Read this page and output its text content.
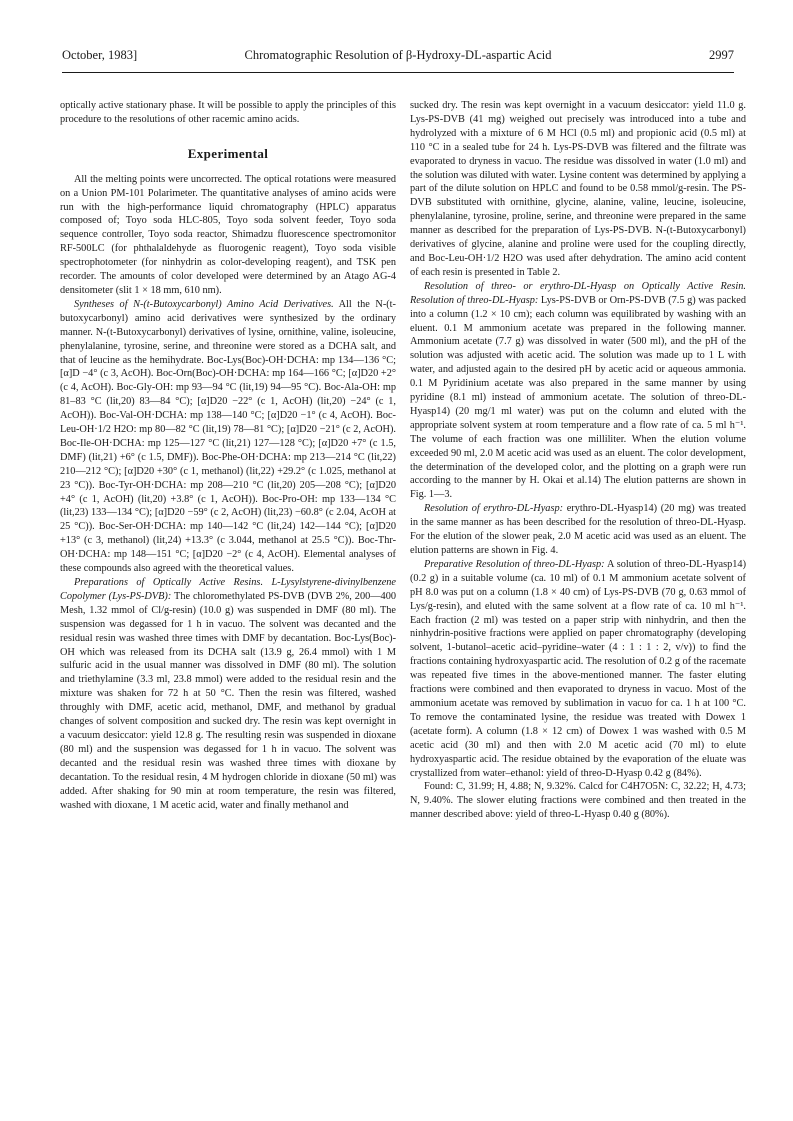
October, 1983]	Chromatographic Resolution of β-Hydroxy-DL-aspartic Acid	2997

optically active stationary phase. It will be possible to apply the principles of this procedure to the resolutions of other racemic amino acids.

Experimental

All the melting points were uncorrected. The optical rotations were measured on a Union PM-101 Polarimeter. The quantitative analyses of amino acids were run with the high-performance liquid chromatography (HPLC) apparatus composed of; Toyo soda HLC-805, Toyo soda solvent feeder, Toyo soda sequence controller, Toyo soda reactor, Shimadzu fluorescence spectromonitor RF-500LC (for phthalaldehyde as fluorogenic reagent), Toyo soda visible spectrophotometer (for ninhydrin as color-developing reagent), and TSK pen recorder. The amounts of color developed were determined by an Atago AG-4 densitometer (slit 1 × 18 mm, 610 nm).

Syntheses of N-(t-Butoxycarbonyl) Amino Acid Derivatives. All the N-(t-butoxycarbonyl) amino acid derivatives were synthesized by the ordinary manner. N-(t-Butoxycarbonyl) derivatives of lysine, ornithine, valine, isoleucine, phenylalanine, tyrosine, serine, and threonine were stored as a DCHA salt, and that of leucine as the hemihydrate. Boc-Lys(Boc)-OH·DCHA: mp 134—136 °C; [α]D −4° (c 3, AcOH). Boc-Orn(Boc)-OH·DCHA: mp 164—166 °C; [α]D20 +2° (c 4, AcOH). Boc-Gly-OH: mp 93—94 °C (lit,19) 94—95 °C). Boc-Ala-OH: mp 81–83 °C (lit,20) 83—84 °C); [α]D20 −22° (c 1, AcOH) (lit,20) −24° (c 1, AcOH)). Boc-Val-OH·DCHA: mp 138—140 °C; [α]D20 −1° (c 4, AcOH). Boc-Leu-OH·1/2 H2O: mp 80—82 °C (lit,19) 78—81 °C); [α]D20 −21° (c 2, AcOH). Boc-Ile-OH·DCHA: mp 125—127 °C (lit,21) 127—128 °C); [α]D20 +7° (c 1.5, DMF) (lit,21) +6° (c 1.5, DMF)). Boc-Phe-OH·DCHA: mp 213—214 °C (lit,22) 210—212 °C); [α]D20 +30° (c 1, methanol) (lit,22) +29.2° (c 1.025, methanol at 23 °C)). Boc-Tyr-OH·DCHA: mp 208—210 °C (lit,20) 205—208 °C); [α]D20 +4° (c 1, AcOH) (lit,20) +3.8° (c 1, AcOH)). Boc-Pro-OH: mp 133—134 °C (lit,23) 133—134 °C); [α]D20 −59° (c 2, AcOH) (lit,23) −60.8° (c 2.04, AcOH at 25 °C)). Boc-Ser-OH·DCHA: mp 140—142 °C (lit,24) 142—144 °C); [α]D20 +13° (c 3, methanol) (lit,24) +13.3° (c 3.044, methanol at 25.5 °C)). Boc-Thr-OH·DCHA: mp 148—151 °C; [α]D20 −2° (c 4, AcOH). Elemental analyses of these compounds also agreed with the theoretical values.

Preparations of Optically Active Resins. L-Lysylstyrene-divinylbenzene Copolymer (Lys-PS-DVB): The chloromethylated PS-DVB (DVB 2%, 200—400 Mesh, 1.32 mmol of Cl/g-resin) (10.0 g) was suspended in DMF (80 ml). The suspension was degassed for 1 h in vacuo. The solvent was decanted and the residual resin was washed three times with DMF by decantation. Boc-Lys(Boc)-OH which was released from its DCHA salt (13.9 g, 26.4 mmol) with 1 M sulfuric acid in the usual manner was dissolved in DMF (80 ml). The solution and triethylamine (3.3 ml, 23.8 mmol) were added to the residual resin and the mixture was shaken for 72 h at 50 °C. Then the resin was filtered, washed throughly with DMF, acetic acid, methanol, DMF, and methanol by gradual changes of solvent composition and sucked dry. The resin was kept overnight in a vacuum desiccator: yield 12.8 g. The resulting resin was suspended in dioxane (80 ml) and the suspension was degassed for 1 h in vacuo. The solvent was decanted and the residual resin was washed three times with dioxane by decantation. To the residual resin, 4 M hydrogen chloride in dioxane (50 ml) was added. After shaking for 90 min at room temperature, the resin was filtered, washed with dioxane, 1 M acetic acid, water and finally methanol and

sucked dry. The resin was kept overnight in a vacuum desiccator: yield 11.0 g. Lys-PS-DVB (41 mg) weighed out precisely was introduced into a tube and hydrolyzed with a mixture of 6 M HCl (0.5 ml) and propionic acid (0.5 ml) at 110 °C in a sealed tube for 24 h. Lys-PS-DVB was filtered and the filtrate was evaporated to dryness in vacuo. The residue was dissolved in water (1.0 ml) and the solution was diluted with water. Lysine content was determined by applying a part of the dilute solution on HPLC and found to be 0.58 mmol/g-resin. The PS-DVB substituted with ornithine, glycine, alanine, valine, leucine, isoleucine, phenylalanine, tyrosine, proline, serine, and threonine were prepared in the same manner as described for the preparation of Lys-PS-DVB. N-(t-Butoxycarbonyl) derivatives of glycine, alanine and proline were used for the coupling directly, and Boc-Leu-OH·1/2 H2O was used after dehydration. The amino acid content of each resin is presented in Table 2.

Resolution of threo- or erythro-DL-Hyasp on Optically Active Resin. Resolution of threo-DL-Hyasp: Lys-PS-DVB or Orn-PS-DVB (7.5 g) was packed into a column (1.2 × 10 cm); each column was equilibrated by washing with an eluent. 0.1 M ammonium acetate was prepared in the following manner. Ammonium acetate (7.7 g) was dissolved in water (500 ml), and the pH of the solution was adjusted with acetic acid. The solution was made up to 1 L with water, and adjusted again to the desired pH by acetic acid or aqueous ammonia. 0.1 M Pyridinium acetate was also prepared in the same manner by using pyridine (8.1 ml) instead of ammonium acetate. The solution of threo-DL-Hyasp14) (20 mg/1 ml water) was put on the column and eluted with the appropriate solvent system at room temperature and a flow rate of ca. 5 ml h⁻¹. The volume of each fraction was one milliliter. When the elution volume exceeded 90 ml, 2.0 M acetic acid was used as an eluent. The color development, the determination of the developed color, and the plotting on a graph were run according to the manner by H. Okai et al.14) The elution patterns are shown in Fig. 1—3.

Resolution of erythro-DL-Hyasp: erythro-DL-Hyasp14) (20 mg) was treated in the same manner as has been described for the resolution of threo-DL-Hyasp. For the elution of the slower peak, 2.0 M acetic acid was used as an eluent. The elution patterns are shown in Fig. 4.

Preparative Resolution of threo-DL-Hyasp: A solution of threo-DL-Hyasp14) (0.2 g) in a suitable volume (ca. 10 ml) of 0.1 M ammonium acetate solvent of pH 8.0 was put on a column (1.8 × 40 cm) of Lys-PS-DVB (70 g, 0.63 mmol of Lys/g-resin), and eluted with the same solvent at a flow rate of ca. 10 ml h⁻¹. Each fraction (2 ml) was tested on a paper strip with ninhydrin, and then the ninhydrin-positive fractions were applied on paper chromatography (developing solvent, 1-butanol–acetic acid–pyridine–water (4 : 1 : 1 : 2, v/v)) to find the fractions containing hydroxyaspartic acid. The resolution of 0.2 g of the racemate was repeated five times in the above-mentioned manner. The faster eluting fractions were combined and then evaporated to dryness in vacuo. Most of the ammonium acetate was removed by sublimation in vacuo for ca. 1 h at 100 °C. To remove the contaminated lysine, the residue was treated with Dowex 1 (acetate form). A column (1.8 × 12 cm) of Dowex 1 was washed with 0.5 M acetic acid (30 ml) and then with 2.0 M acetic acid (70 ml) to elute hydroxyaspartic acid. The residue obtained by the evaporation of the eluate was crystallized from water–ethanol: yield of threo-D-Hyasp 0.42 g (84%).

Found: C, 31.99; H, 4.88; N, 9.32%. Calcd for C4H7O5N: C, 32.22; H, 4.73; N, 9.40%. The slower eluting fractions were combined and then treated in the manner described above: yield of threo-L-Hyasp 0.40 g (80%).
